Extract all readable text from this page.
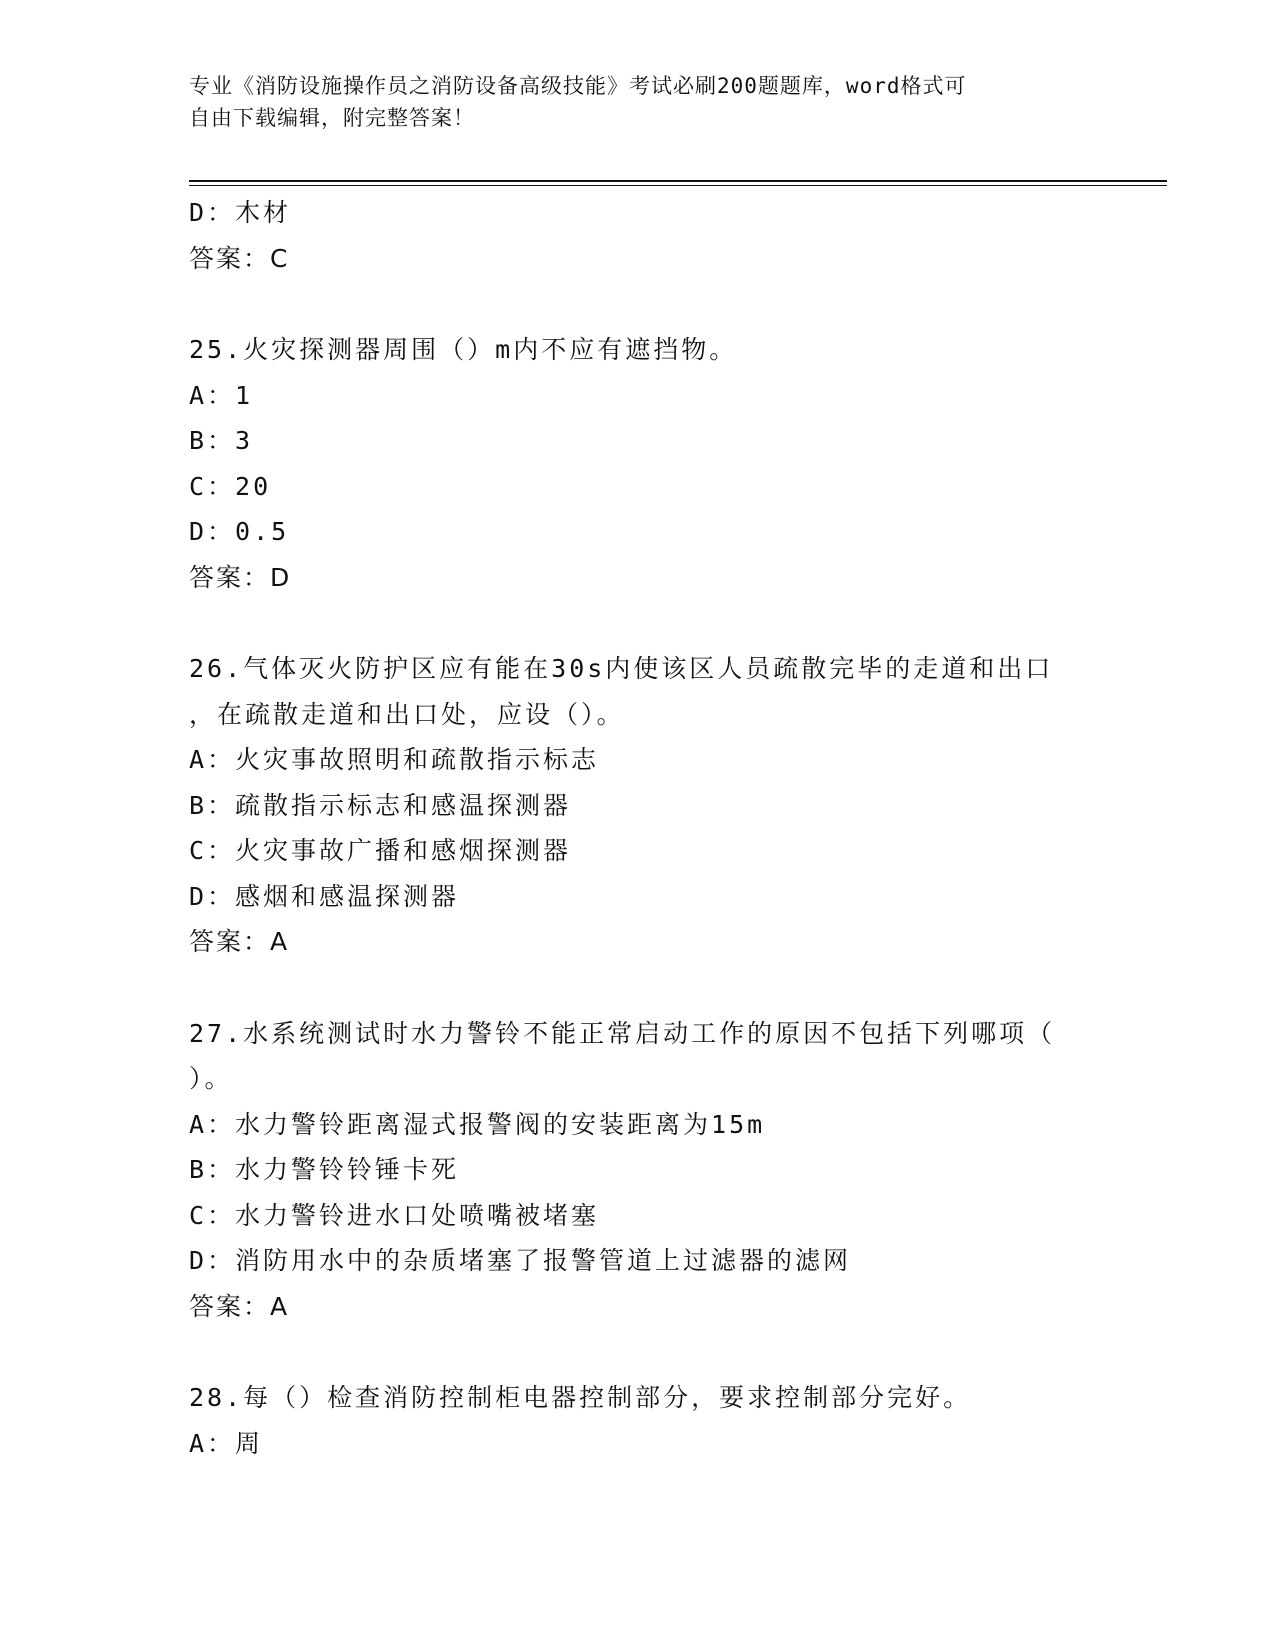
专业《消防设施操作员之消防设备高级技能》考试必刷200题题库，word格式可
自由下载编辑，附完整答案！
D：木材
答案：C
25.火灾探测器周围（）m内不应有遮挡物。
A：1
B：3
C：20
D：0.5
答案：D
26.气体灭火防护区应有能在30s内使该区人员疏散完毕的走道和出口
，在疏散走道和出口处，应设（）。
A：火灾事故照明和疏散指示标志
B：疏散指示标志和感温探测器
C：火灾事故广播和感烟探测器
D：感烟和感温探测器
答案：A
27.水系统测试时水力警铃不能正常启动工作的原因不包括下列哪项（
）。
A：水力警铃距离湿式报警阀的安装距离为15m
B：水力警铃铃锤卡死
C：水力警铃进水口处喷嘴被堵塞
D：消防用水中的杂质堵塞了报警管道上过滤器的滤网
答案：A
28.每（）检查消防控制柜电器控制部分，要求控制部分完好。
A：周
